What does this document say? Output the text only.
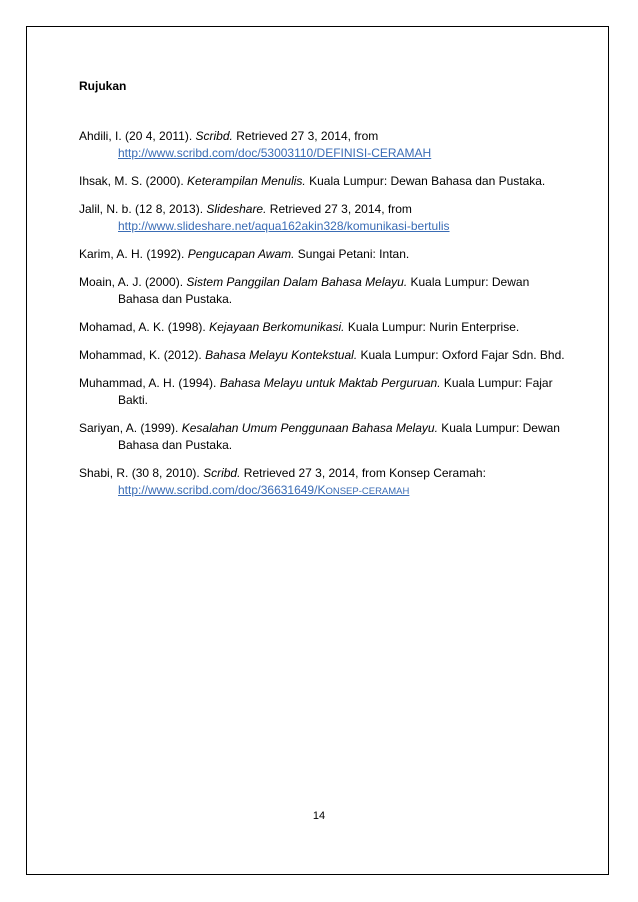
Rujukan
Ahdili, I. (20 4, 2011). Scribd. Retrieved 27 3, 2014, from
http://www.scribd.com/doc/53003110/DEFINISI-CERAMAH
Ihsak, M. S. (2000). Keterampilan Menulis. Kuala Lumpur: Dewan Bahasa dan Pustaka.
Jalil, N. b. (12 8, 2013). Slideshare. Retrieved 27 3, 2014, from
http://www.slideshare.net/aqua162akin328/komunikasi-bertulis
Karim, A. H. (1992). Pengucapan Awam. Sungai Petani: Intan.
Moain, A. J. (2000). Sistem Panggilan Dalam Bahasa Melayu. Kuala Lumpur: Dewan Bahasa dan Pustaka.
Mohamad, A. K. (1998). Kejayaan Berkomunikasi. Kuala Lumpur: Nurin Enterprise.
Mohammad, K. (2012). Bahasa Melayu Kontekstual. Kuala Lumpur: Oxford Fajar Sdn. Bhd.
Muhammad, A. H. (1994). Bahasa Melayu untuk Maktab Perguruan. Kuala Lumpur: Fajar Bakti.
Sariyan, A. (1999). Kesalahan Umum Penggunaan Bahasa Melayu. Kuala Lumpur: Dewan Bahasa dan Pustaka.
Shabi, R. (30 8, 2010). Scribd. Retrieved 27 3, 2014, from Konsep Ceramah:
http://www.scribd.com/doc/36631649/KONSEP-CERAMAH
14
